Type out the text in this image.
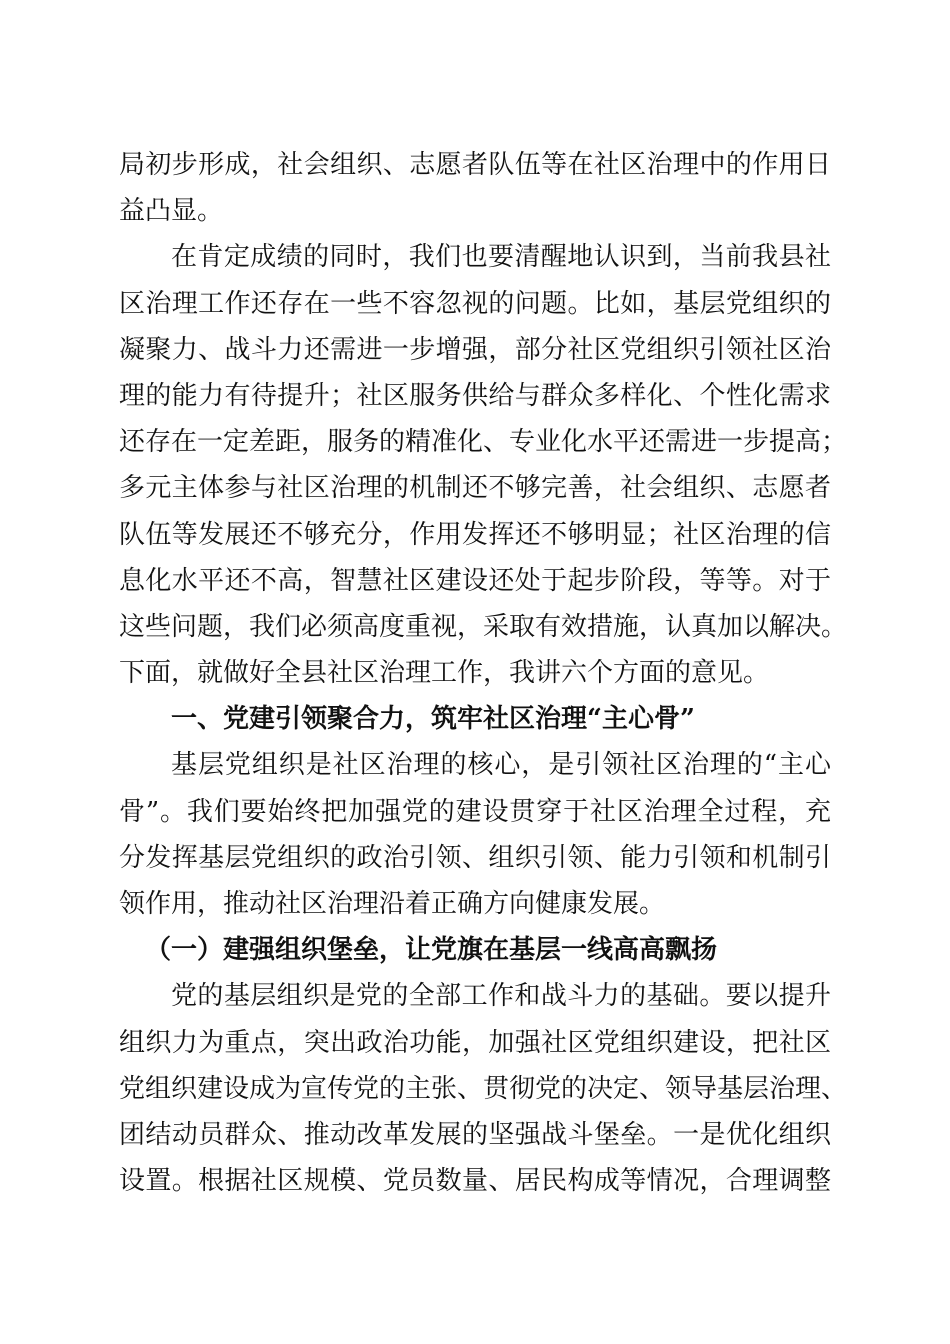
局初步形成，社会组织、志愿者队伍等在社区治理中的作用日
益凸显。
在肯定成绩的同时，我们也要清醒地认识到，当前我县社
区治理工作还存在一些不容忽视的问题。比如，基层党组织的
凝聚力、战斗力还需进一步增强，部分社区党组织引领社区治
理的能力有待提升；社区服务供给与群众多样化、个性化需求
还存在一定差距，服务的精准化、专业化水平还需进一步提高；
多元主体参与社区治理的机制还不够完善，社会组织、志愿者
队伍等发展还不够充分，作用发挥还不够明显；社区治理的信
息化水平还不高，智慧社区建设还处于起步阶段，等等。对于
这些问题，我们必须高度重视，采取有效措施，认真加以解决。
下面，就做好全县社区治理工作，我讲六个方面的意见。
一、党建引领聚合力，筑牢社区治理“主心骨”
基层党组织是社区治理的核心，是引领社区治理的“主心
骨”。我们要始终把加强党的建设贯穿于社区治理全过程，充
分发挥基层党组织的政治引领、组织引领、能力引领和机制引
领作用，推动社区治理沿着正确方向健康发展。
（一）建强组织堡垒，让党旗在基层一线高高飘扬
党的基层组织是党的全部工作和战斗力的基础。要以提升
组织力为重点，突出政治功能，加强社区党组织建设，把社区
党组织建设成为宣传党的主张、贯彻党的决定、领导基层治理、
团结动员群众、推动改革发展的坚强战斗堡垒。一是优化组织
设置。根据社区规模、党员数量、居民构成等情况，合理调整
